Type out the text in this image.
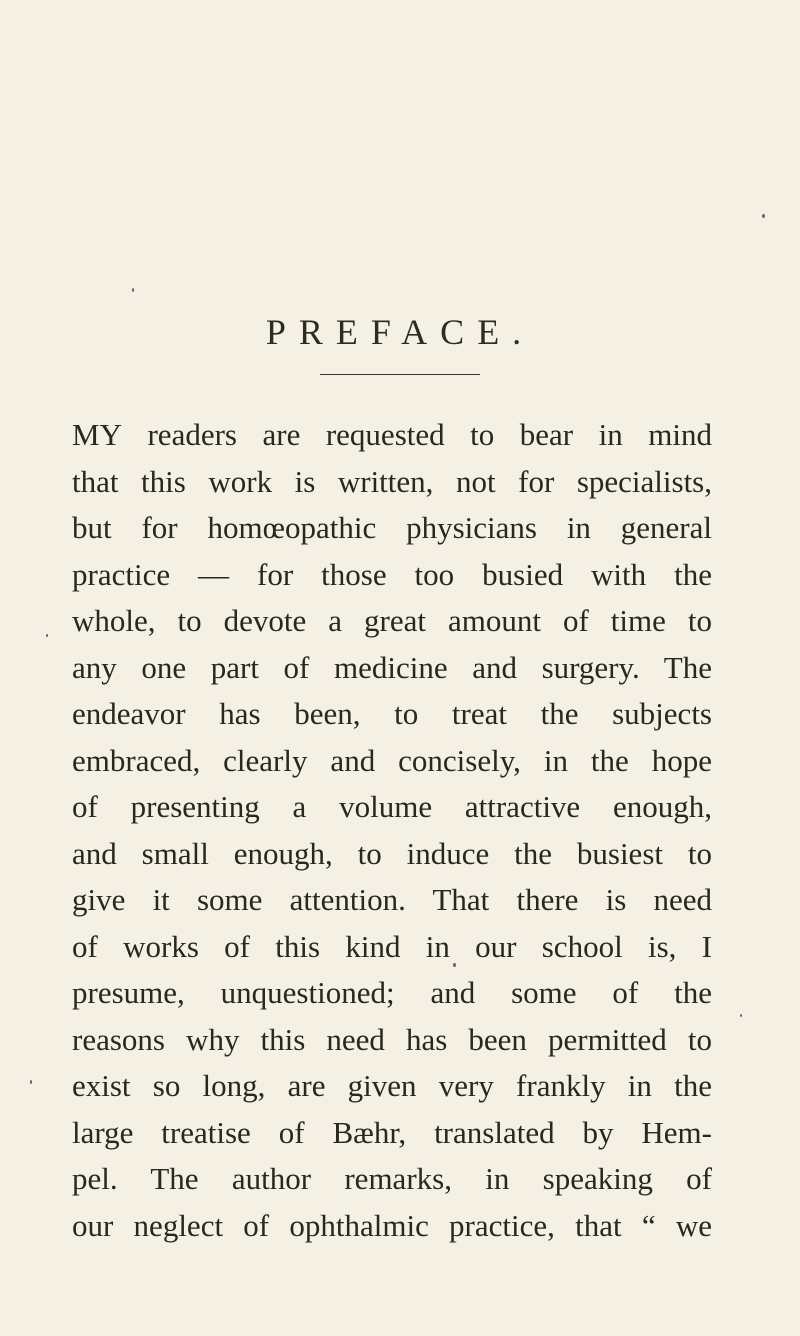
PREFACE.
MY readers are requested to bear in mind
that this work is written, not for specialists,
but for homœopathic physicians in general
practice — for those too busied with the
whole, to devote a great amount of time to
any one part of medicine and surgery. The
endeavor has been, to treat the subjects
embraced, clearly and concisely, in the hope
of presenting a volume attractive enough,
and small enough, to induce the busiest to
give it some attention. That there is need
of works of this kind in our school is, I
presume, unquestioned; and some of the
reasons why this need has been permitted to
exist so long, are given very frankly in the
large treatise of Bæhr, translated by Hem-
pel. The author remarks, in speaking of
our neglect of ophthalmic practice, that “ we
